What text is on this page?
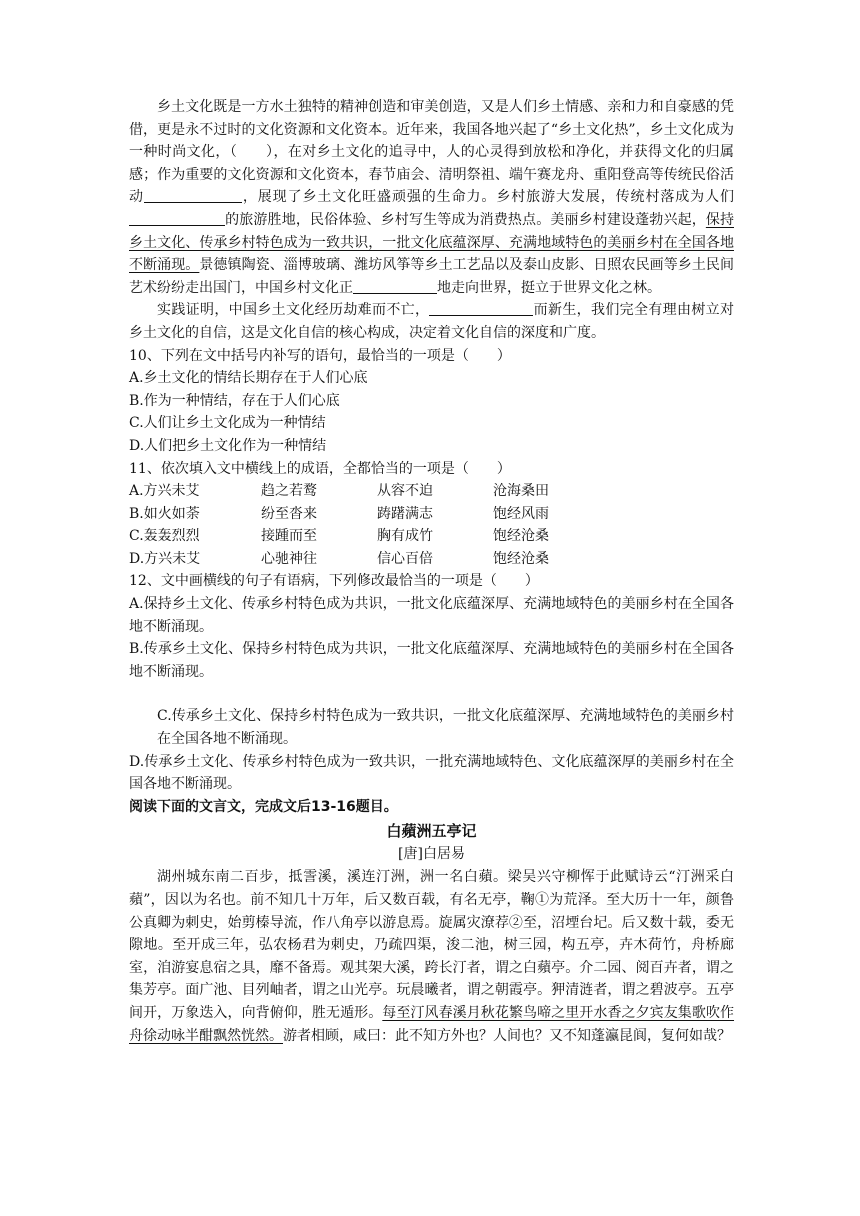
乡土文化既是一方水土独特的精神创造和审美创造，又是人们乡土情感、亲和力和自豪感的凭借，更是永不过时的文化资源和文化资本。近年来，我国各地兴起了“乡土文化热”，乡土文化成为一种时尚文化，（　　），在对乡土文化的追寻中，人的心灵得到放松和净化，并获得文化的归属感；作为重要的文化资源和文化资本，春节庙会、清明祭祖、端午赛龙舟、重阳登高等传统民俗活动	，展现了乡土文化旺盛顽强的生命力。乡村旅游大发展，传统村落成为人们的旅游胜地，民俗体验、乡村写生等成为消费热点。美丽乡村建设蓬勃兴起，保持乡土文化、传承乡村特色成为一致共识，一批文化底蕴深厚、充满地域特色的美丽乡村在全国各地不断涌现。景德镇陶瓷、淄博玻璃、潍坊风筝等乡土工艺品以及泰山皮影、日照农民画等乡土民间艺术纷纷走出国门，中国乡村文化正	地走向世界，挺立于世界文化之林。

实践证明，中国乡土文化经历劫难而不亡，	而新生，我们完全有理由树立对乡土文化的自信，这是文化自信的核心构成，决定着文化自信的深度和广度。

10、下列在文中括号内补写的语句，最恰当的一项是（　　）

A.乡土文化的情结长期存在于人们心底

B.作为一种情结，存在于人们心底

C.人们让乡土文化成为一种情结

D.人们把乡土文化作为一种情结

11、依次填入文中横线上的成语，全都恰当的一项是（　　）

A.方兴未艾	趋之若鹜	从容不迫	沧海桑田
B.如火如荼	纷至沓来	踌躇满志	饱经风雨
C.轰轰烈烈	接踵而至	胸有成竹	饱经沧桑
D.方兴未艾	心驰神往	信心百倍	饱经沧桑

12、文中画横线的句子有语病，下列修改最恰当的一项是（　　）

A.保持乡土文化、传承乡村特色成为共识，一批文化底蕴深厚、充满地域特色的美丽乡村在全国各地不断涌现。

B.传承乡土文化、保持乡村特色成为共识，一批文化底蕴深厚、充满地域特色的美丽乡村在全国各地不断涌现。

C.传承乡土文化、保持乡村特色成为一致共识，一批文化底蕴深厚、充满地域特色的美丽乡村在全国各地不断涌现。

D.传承乡土文化、传承乡村特色成为一致共识，一批充满地域特色、文化底蕴深厚的美丽乡村在全国各地不断涌现。

阅读下面的文言文，完成文后13-16题目。

白蘋洲五亭记

[唐]白居易

湖州城东南二百步，抵霅溪，溪连汀洲，洲一名白蘋。梁吴兴守柳恽于此赋诗云“汀洲采白蘋”，因以为名也。前不知几十万年，后又数百载，有名无亭，鞠①为荒泽。至大历十一年，颜鲁公真卿为刺史，始剪榛导流，作八角亭以游息焉。旋属灾潦荐②至，沼堙台圮。后又数十载，委无隙地。至开成三年，弘农杨君为刺史，乃疏四渠，浚二池，树三园，构五亭，卉木荷竹，舟桥廊室，洎游宴息宿之具，靡不备焉。观其架大溪，跨长汀者，谓之白蘋亭。介二园、阅百卉者，谓之集芳亭。面广池、目列岫者，谓之山光亭。玩晨曦者，谓之朝霞亭。狎清涟者，谓之碧波亭。五亭间开，万象迭入，向背俯仰，胜无遁形。每至汀风春溪月秋花繁鸟啼之里开水香之夕宾友集歌吹作舟徐动咏半酣飘然恍然。游者相顾，咸曰：此不知方外也？人间也？又不知蓬瀛昆阆，复何如哉？
